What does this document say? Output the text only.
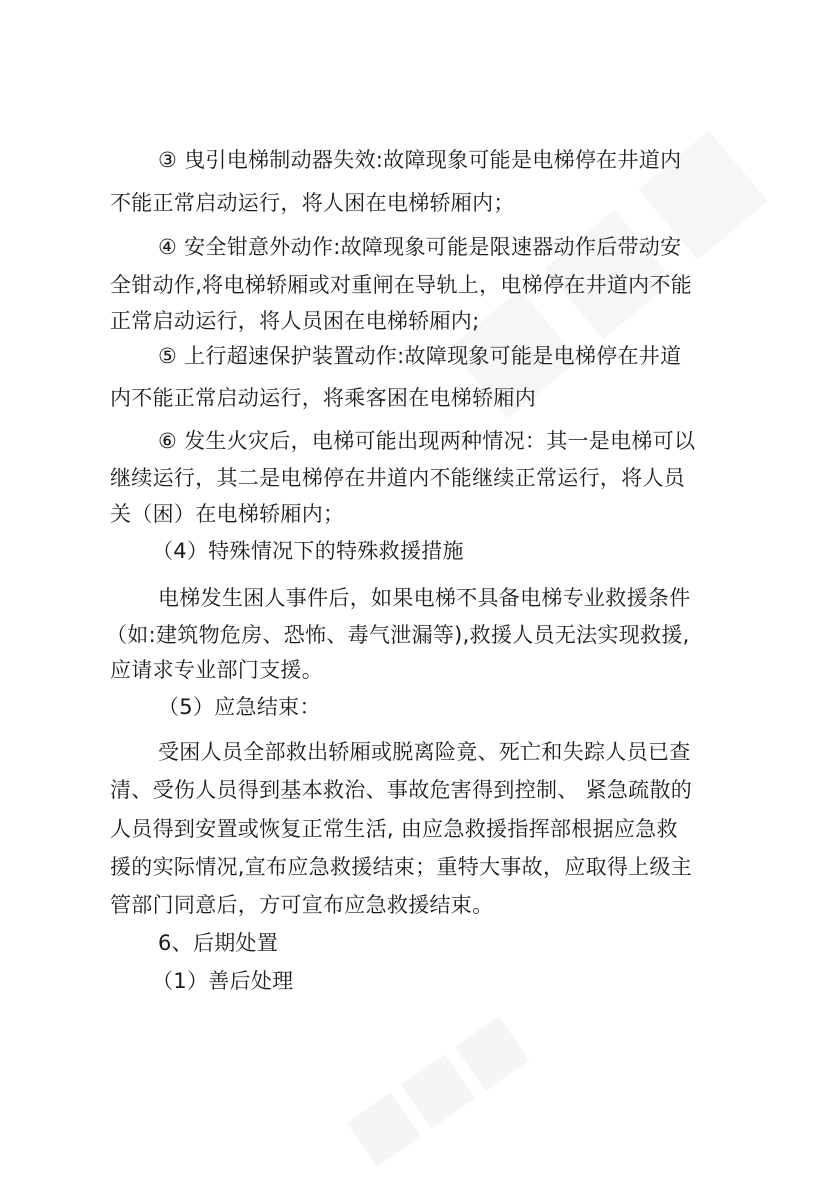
③ 曳引电梯制动器失效:故障现象可能是电梯停在井道内
不能正常启动运行，将人困在电梯轿厢内；
④ 安全钳意外动作:故障现象可能是限速器动作后带动安
全钳动作,将电梯轿厢或对重闸在导轨上，电梯停在井道内不能
正常启动运行，将人员困在电梯轿厢内;
⑤ 上行超速保护装置动作:故障现象可能是电梯停在井道
内不能正常启动运行，将乘客困在电梯轿厢内
⑥ 发生火灾后，电梯可能出现两种情况：其一是电梯可以
继续运行，其二是电梯停在井道内不能继续正常运行，将人员
关（困）在电梯轿厢内；
（4）特殊情况下的特殊救援措施
电梯发生困人事件后，如果电梯不具备电梯专业救援条件
（如:建筑物危房、恐怖、毒气泄漏等),救援人员无法实现救援,
应请求专业部门支援。
（5）应急结束：
受困人员全部救出轿厢或脱离险竟、死亡和失踪人员已查
清、受伤人员得到基本救治、事故危害得到控制、 紧急疏散的
人员得到安置或恢复正常生活, 由应急救援指挥部根据应急救
援的实际情况,宣布应急救援结束；重特大事故，应取得上级主
管部门同意后，方可宣布应急救援结束。
6、后期处置
（1）善后处理
